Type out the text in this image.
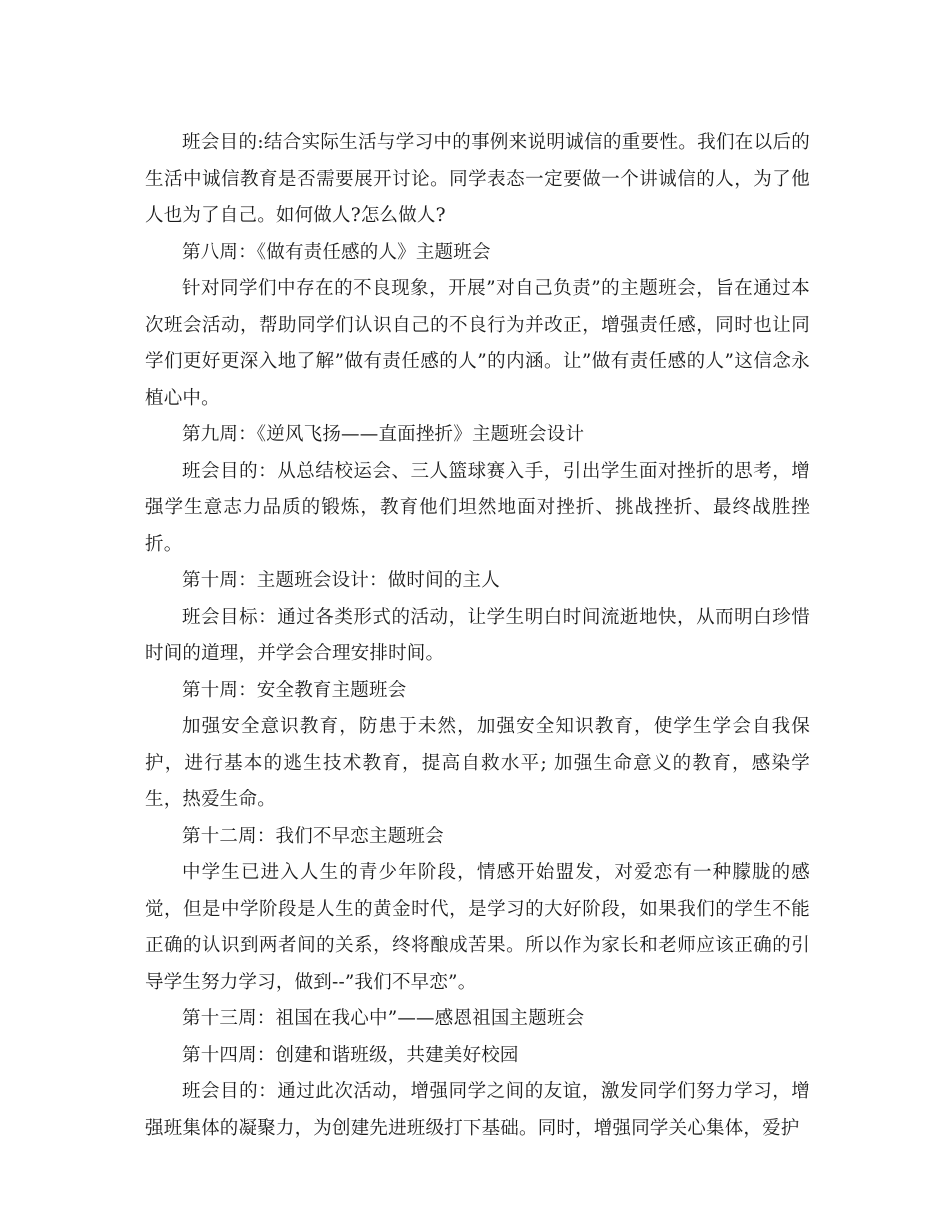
班会目的:结合实际生活与学习中的事例来说明诚信的重要性。我们在以后的生活中诚信教育是否需要展开讨论。同学表态一定要做一个讲诚信的人，为了他人也为了自己。如何做人?怎么做人?

第八周：《做有责任感的人》主题班会

针对同学们中存在的不良现象，开展”对自己负责”的主题班会，旨在通过本次班会活动，帮助同学们认识自己的不良行为并改正，增强责任感，同时也让同学们更好更深入地了解”做有责任感的人”的内涵。让”做有责任感的人”这信念永植心中。

第九周：《逆风飞扬——直面挫折》主题班会设计

班会目的：从总结校运会、三人篮球赛入手，引出学生面对挫折的思考，增强学生意志力品质的锻炼，教育他们坦然地面对挫折、挑战挫折、最终战胜挫折。

第十周：主题班会设计：做时间的主人

班会目标：通过各类形式的活动，让学生明白时间流逝地快，从而明白珍惜时间的道理，并学会合理安排时间。

第十周：安全教育主题班会

加强安全意识教育，防患于未然，加强安全知识教育，使学生学会自我保护，进行基本的逃生技术教育，提高自救水平; 加强生命意义的教育，感染学生，热爱生命。

第十二周：我们不早恋主题班会

中学生已进入人生的青少年阶段，情感开始盟发，对爱恋有一种朦胧的感觉，但是中学阶段是人生的黄金时代，是学习的大好阶段，如果我们的学生不能正确的认识到两者间的关系，终将酿成苦果。所以作为家长和老师应该正确的引导学生努力学习，做到--”我们不早恋”。

第十三周：祖国在我心中”——感恩祖国主题班会

第十四周：创建和谐班级，共建美好校园

班会目的：通过此次活动，增强同学之间的友谊，激发同学们努力学习，增强班集体的凝聚力，为创建先进班级打下基础。同时，增强同学关心集体，爱护
